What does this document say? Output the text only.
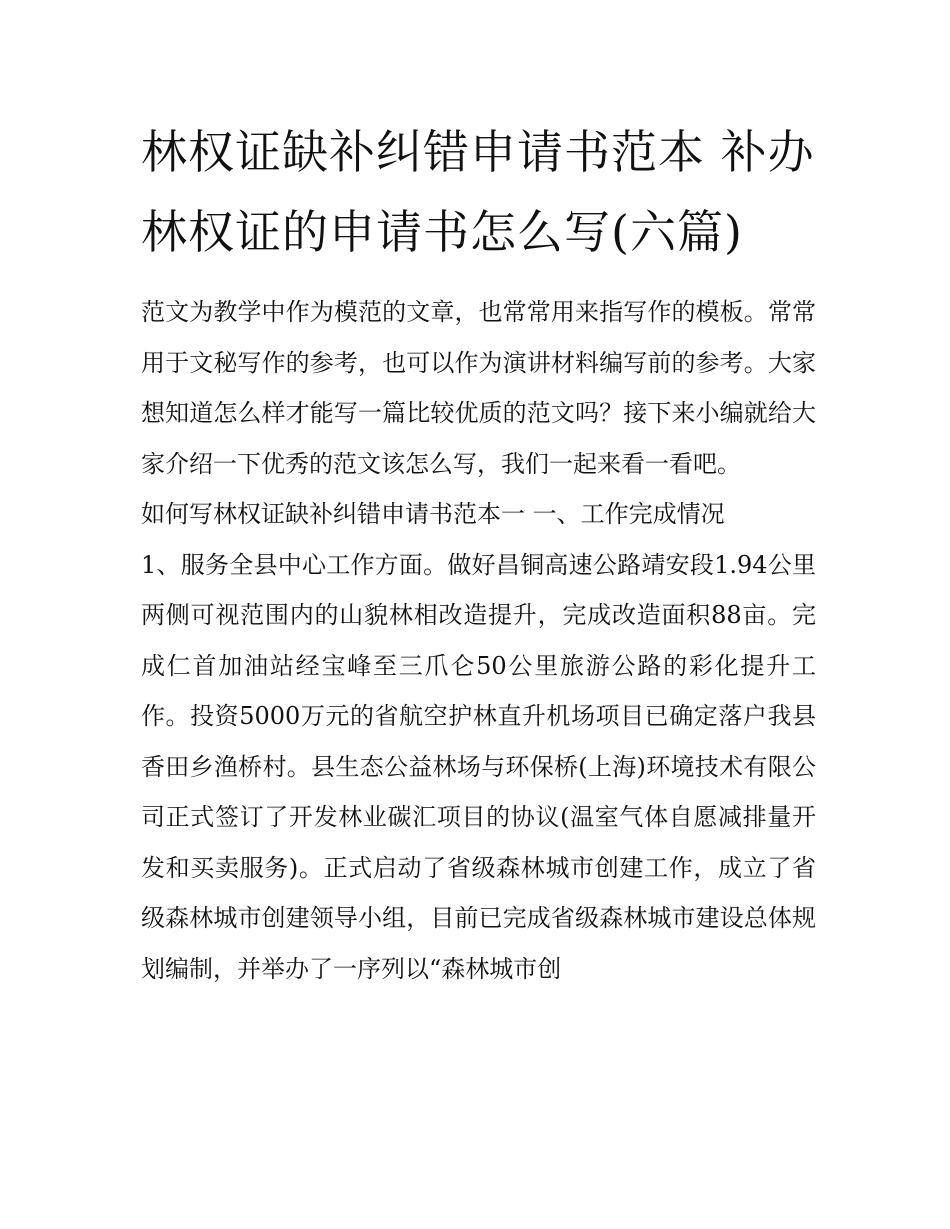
林权证缺补纠错申请书范本 补办林权证的申请书怎么写(六篇)

范文为教学中作为模范的文章，也常常用来指写作的模板。常常用于文秘写作的参考，也可以作为演讲材料编写前的参考。大家想知道怎么样才能写一篇比较优质的范文吗？接下来小编就给大家介绍一下优秀的范文该怎么写，我们一起来看一看吧。

如何写林权证缺补纠错申请书范本一 一、工作完成情况

1、服务全县中心工作方面。做好昌铜高速公路靖安段1.94公里两侧可视范围内的山貌林相改造提升，完成改造面积88亩。完成仁首加油站经宝峰至三爪仑50公里旅游公路的彩化提升工作。投资5000万元的省航空护林直升机场项目已确定落户我县香田乡渔桥村。县生态公益林场与环保桥(上海)环境技术有限公司正式签订了开发林业碳汇项目的协议(温室气体自愿减排量开发和买卖服务)。正式启动了省级森林城市创建工作，成立了省级森林城市创建领导小组，目前已完成省级森林城市建设总体规划编制，并举办了一序列以“森林城市创
